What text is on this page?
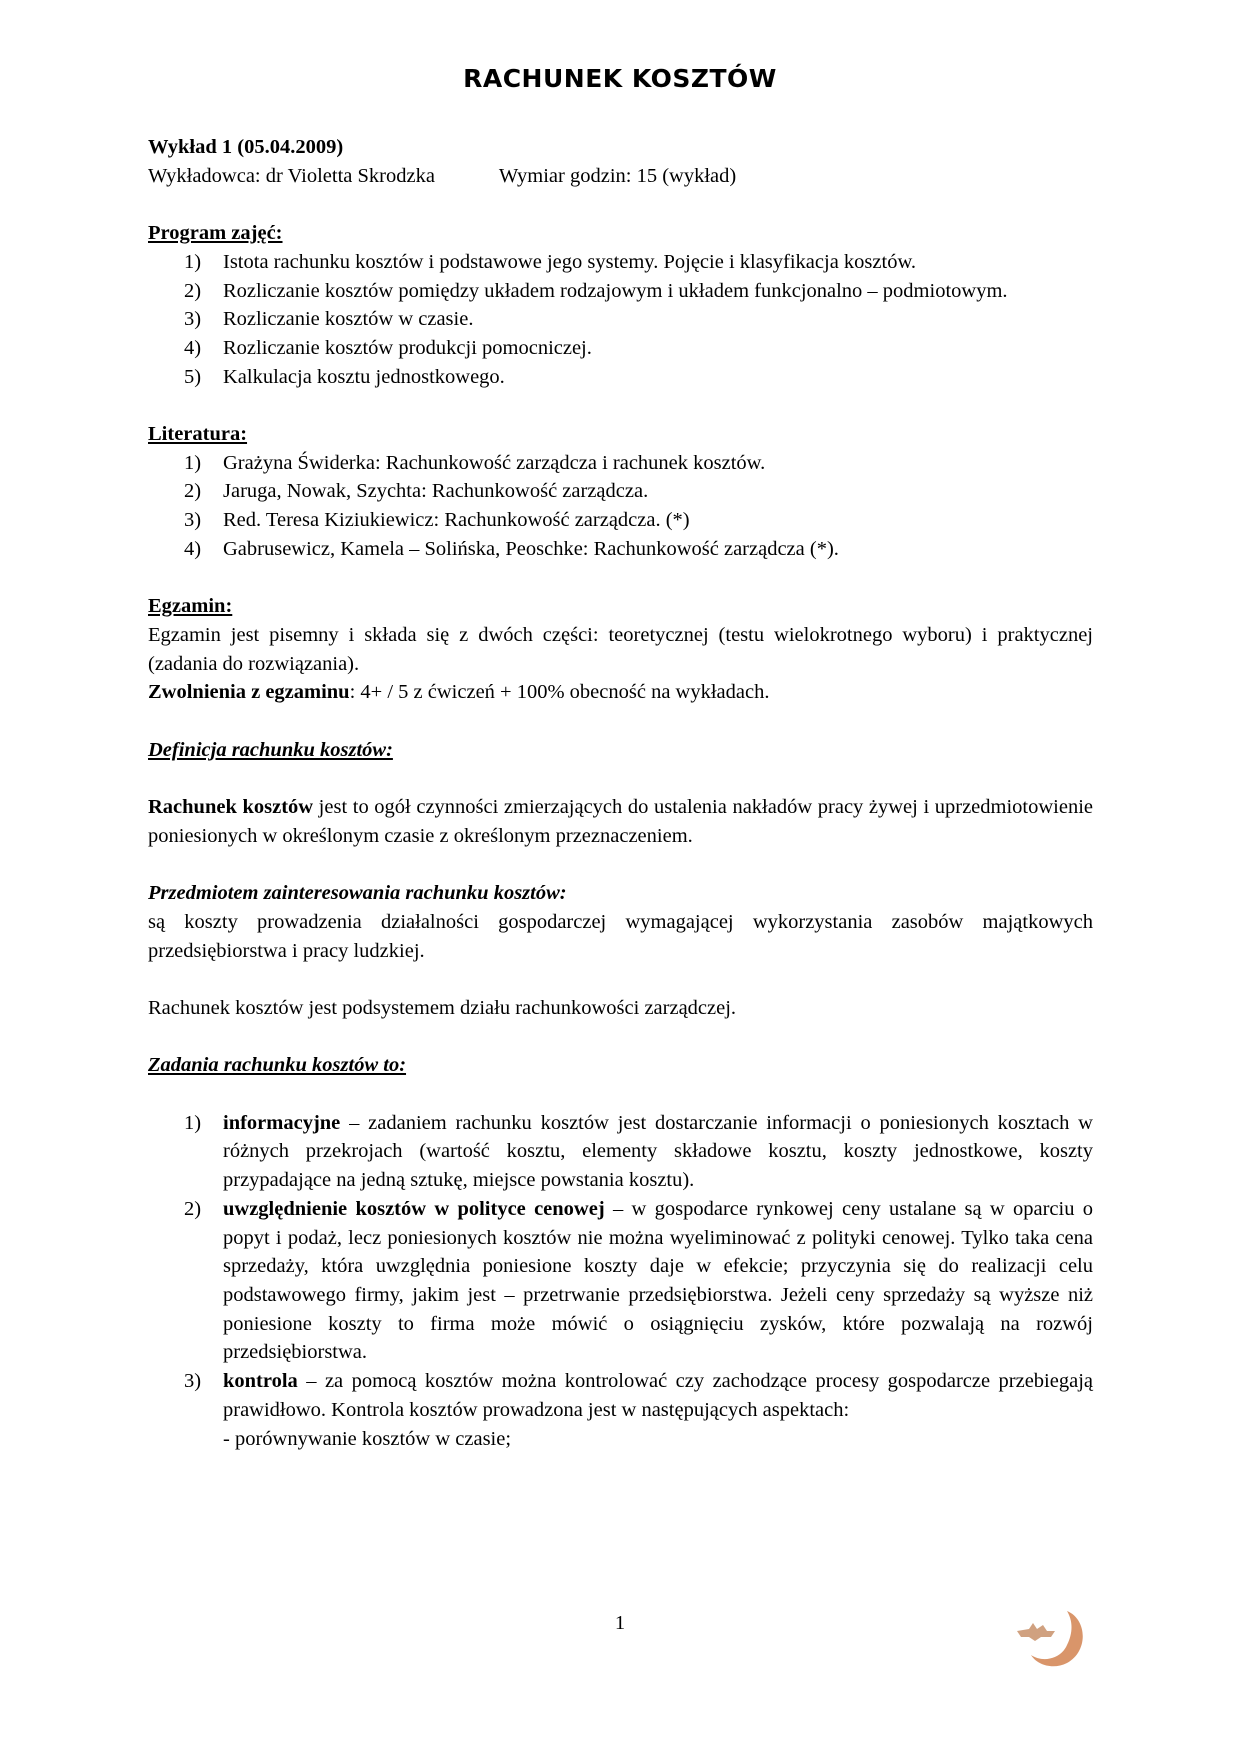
RACHUNEK KOSZTÓW

Wykład 1 (05.04.2009)

Wykładowca: dr Violetta Skrodzka	Wymiar godzin: 15 (wykład)

Program zajęć:

1)	Istota rachunku kosztów i podstawowe jego systemy. Pojęcie i klasyfikacja kosztów.
2)	Rozliczanie kosztów pomiędzy układem rodzajowym i układem funkcjonalno – podmiotowym.
3)	Rozliczanie kosztów w czasie.
4)	Rozliczanie kosztów produkcji pomocniczej.
5)	Kalkulacja kosztu jednostkowego.

Literatura:

1)	Grażyna Świderka: Rachunkowość zarządcza i rachunek kosztów.
2)	Jaruga, Nowak, Szychta: Rachunkowość zarządcza.
3)	Red. Teresa Kiziukiewicz: Rachunkowość zarządcza. (*)
4)	Gabrusewicz, Kamela – Solińska, Peoschke: Rachunkowość zarządcza (*).

Egzamin:

Egzamin jest pisemny i składa się z dwóch części: teoretycznej (testu wielokrotnego wyboru) i praktycznej (zadania do rozwiązania).

Zwolnienia z egzaminu: 4+ / 5 z ćwiczeń + 100% obecność na wykładach.

Definicja rachunku kosztów:

Rachunek kosztów jest to ogół czynności zmierzających do ustalenia nakładów pracy żywej i uprzedmiotowienie poniesionych w określonym czasie z określonym przeznaczeniem.

Przedmiotem zainteresowania rachunku kosztów:

są koszty prowadzenia działalności gospodarczej wymagającej wykorzystania zasobów majątkowych przedsiębiorstwa i pracy ludzkiej.

Rachunek kosztów jest podsystemem działu rachunkowości zarządczej.

Zadania rachunku kosztów to:

1)	informacyjne – zadaniem rachunku kosztów jest dostarczanie informacji o poniesionych kosztach w różnych przekrojach (wartość kosztu, elementy składowe kosztu, koszty jednostkowe, koszty przypadające na jedną sztukę, miejsce powstania kosztu).
2)	uwzględnienie kosztów w polityce cenowej – w gospodarce rynkowej ceny ustalane są w oparciu o popyt i podaż, lecz poniesionych kosztów nie można wyeliminować z polityki cenowej. Tylko taka cena sprzedaży, która uwzględnia poniesione koszty daje w efekcie; przyczynia się do realizacji celu podstawowego firmy, jakim jest – przetrwanie przedsiębiorstwa. Jeżeli ceny sprzedaży są wyższe niż poniesione koszty to firma może mówić o osiągnięciu zysków, które pozwalają na rozwój przedsiębiorstwa.
3)	kontrola – za pomocą kosztów można kontrolować czy zachodzące procesy gospodarcze przebiegają prawidłowo. Kontrola kosztów prowadzona jest w następujących aspektach:
- porównywanie kosztów w czasie;
1
